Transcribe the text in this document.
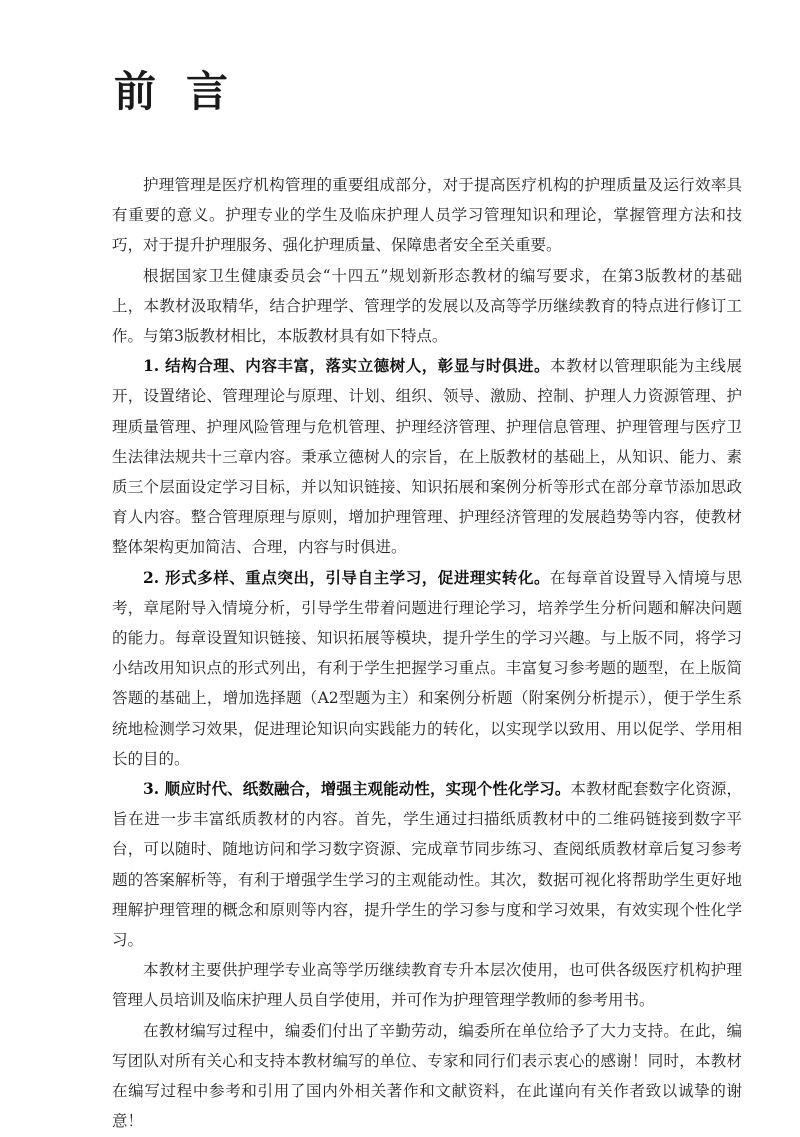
前言

护理管理是医疗机构管理的重要组成部分，对于提高医疗机构的护理质量及运行效率具有重要的意义。护理专业的学生及临床护理人员学习管理知识和理论，掌握管理方法和技巧，对于提升护理服务、强化护理质量、保障患者安全至关重要。

根据国家卫生健康委员会“十四五”规划新形态教材的编写要求，在第3版教材的基础上，本教材汲取精华，结合护理学、管理学的发展以及高等学历继续教育的特点进行修订工作。与第3版教材相比，本版教材具有如下特点。

1. 结构合理、内容丰富，落实立德树人，彰显与时俱进。本教材以管理职能为主线展开，设置绪论、管理理论与原理、计划、组织、领导、激励、控制、护理人力资源管理、护理质量管理、护理风险管理与危机管理、护理经济管理、护理信息管理、护理管理与医疗卫生法律法规共十三章内容。秉承立德树人的宗旨，在上版教材的基础上，从知识、能力、素质三个层面设定学习目标，并以知识链接、知识拓展和案例分析等形式在部分章节添加思政育人内容。整合管理原理与原则，增加护理管理、护理经济管理的发展趋势等内容，使教材整体架构更加简洁、合理，内容与时俱进。

2. 形式多样、重点突出，引导自主学习，促进理实转化。在每章首设置导入情境与思考，章尾附导入情境分析，引导学生带着问题进行理论学习，培养学生分析问题和解决问题的能力。每章设置知识链接、知识拓展等模块，提升学生的学习兴趣。与上版不同，将学习小结改用知识点的形式列出，有利于学生把握学习重点。丰富复习参考题的题型，在上版简答题的基础上，增加选择题（A2型题为主）和案例分析题（附案例分析提示），便于学生系统地检测学习效果，促进理论知识向实践能力的转化，以实现学以致用、用以促学、学用相长的目的。

3. 顺应时代、纸数融合，增强主观能动性，实现个性化学习。本教材配套数字化资源，旨在进一步丰富纸质教材的内容。首先，学生通过扫描纸质教材中的二维码链接到数字平台，可以随时、随地访问和学习数字资源、完成章节同步练习、查阅纸质教材章后复习参考题的答案解析等，有利于增强学生学习的主观能动性。其次，数据可视化将帮助学生更好地理解护理管理的概念和原则等内容，提升学生的学习参与度和学习效果，有效实现个性化学习。

本教材主要供护理学专业高等学历继续教育专升本层次使用，也可供各级医疗机构护理管理人员培训及临床护理人员自学使用，并可作为护理管理学教师的参考用书。

在教材编写过程中，编委们付出了辛勤劳动，编委所在单位给予了大力支持。在此，编写团队对所有关心和支持本教材编写的单位、专家和同行们表示衷心的感谢！同时，本教材在编写过程中参考和引用了国内外相关著作和文献资料，在此谨向有关作者致以诚挚的谢意！
